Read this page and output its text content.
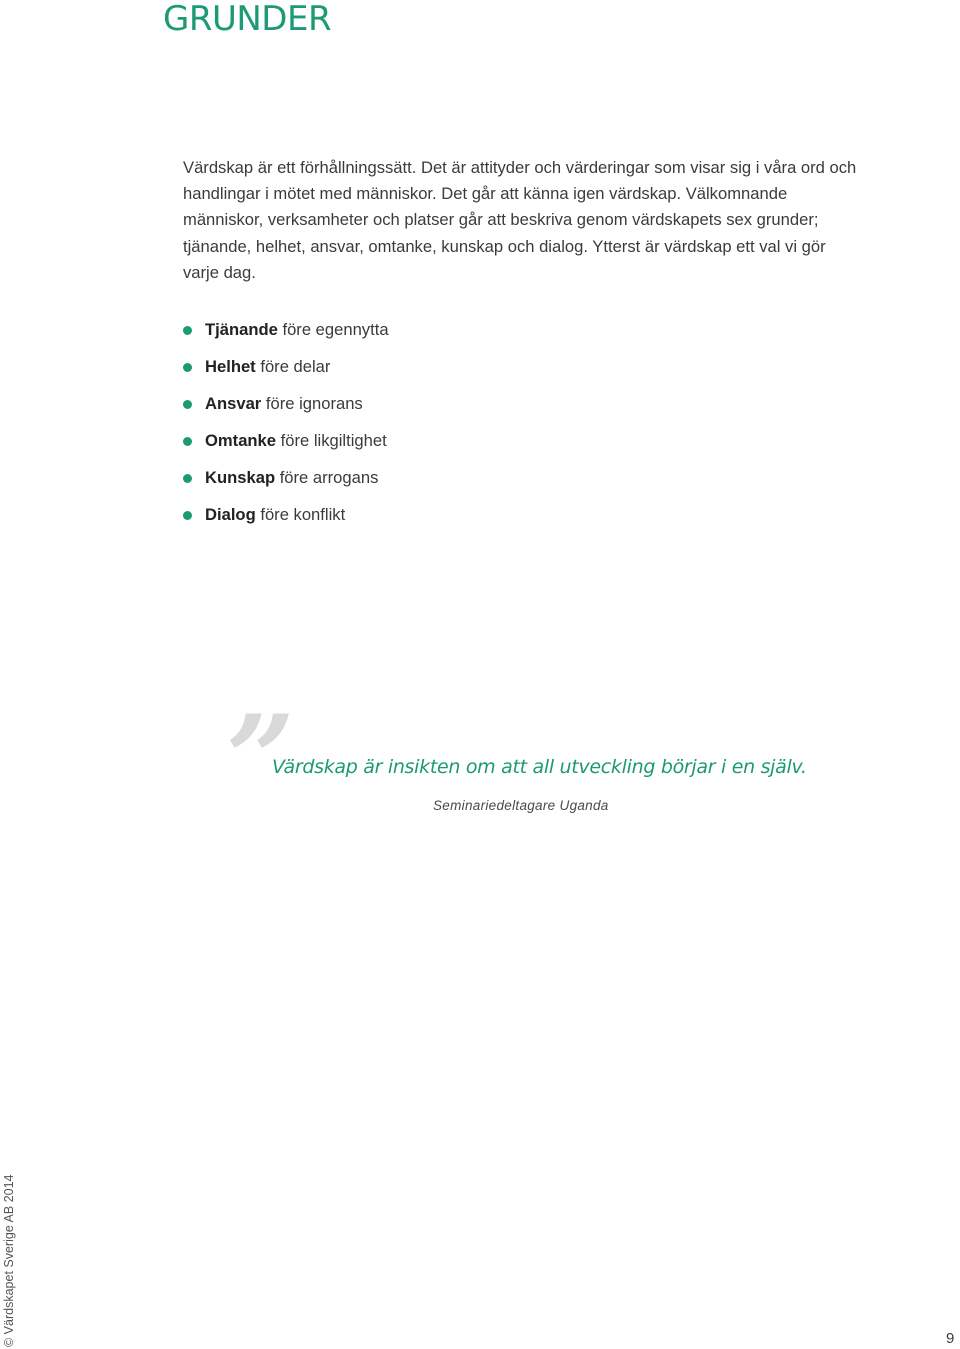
GRUNDER

Värdskap är ett förhållningssätt. Det är attityder och värderingar som visar sig i våra ord och handlingar i mötet med människor. Det går att känna igen värdskap. Välkomnande människor, verksamheter och platser går att beskriva genom värdskapets sex grunder; tjänande, helhet, ansvar, omtanke, kunskap och dialog. Ytterst är värdskap ett val vi gör varje dag.

Tjänande före egennytta
Helhet före delar
Ansvar före ignorans
Omtanke före likgiltighet
Kunskap före arrogans
Dialog före konflikt
”

Värdskap är insikten om att all utveckling börjar i en själv.

Seminariedeltagare Uganda

© Värdskapet Sverige AB 2014	9
